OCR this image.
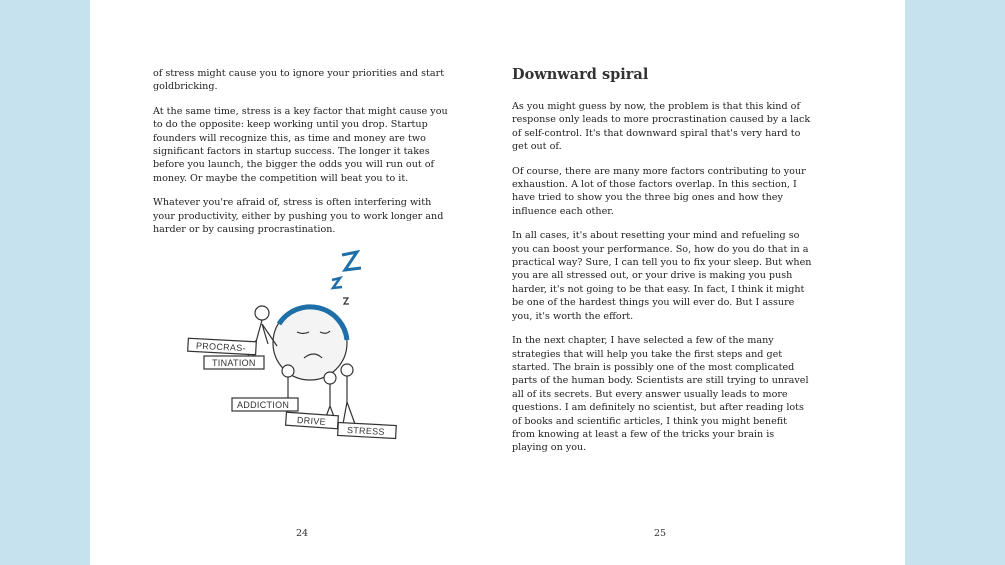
of stress might cause you to ignore your priorities and start goldbricking.

At the same time, stress is a key factor that might cause you to do the opposite: keep working until you drop. Startup founders will recognize this, as time and money are two significant factors in startup success. The longer it takes before you launch, the bigger the odds you will run out of money. Or maybe the competition will beat you to it.

Whatever you're afraid of, stress is often interfering with your productivity, either by pushing you to work longer and harder or by causing procrastination.

PROCRAS-
TINATION
ADDICTION
DRIVE
STRESS
24
Downward spiral

As you might guess by now, the problem is that this kind of response only leads to more procrastination caused by a lack of self-control. It's that downward spiral that's very hard to get out of.

Of course, there are many more factors contributing to your exhaustion. A lot of those factors overlap. In this section, I have tried to show you the three big ones and how they influence each other.

In all cases, it's about resetting your mind and refueling so you can boost your performance. So, how do you do that in a practical way? Sure, I can tell you to fix your sleep. But when you are all stressed out, or your drive is making you push harder, it's not going to be that easy. In fact, I think it might be one of the hardest things you will ever do. But I assure you, it's worth the effort.

In the next chapter, I have selected a few of the many strategies that will help you take the first steps and get started. The brain is possibly one of the most complicated parts of the human body. Scientists are still trying to unravel all of its secrets. But every answer usually leads to more questions. I am definitely no scientist, but after reading lots of books and scientific articles, I think you might benefit from knowing at least a few of the tricks your brain is playing on you.

25
